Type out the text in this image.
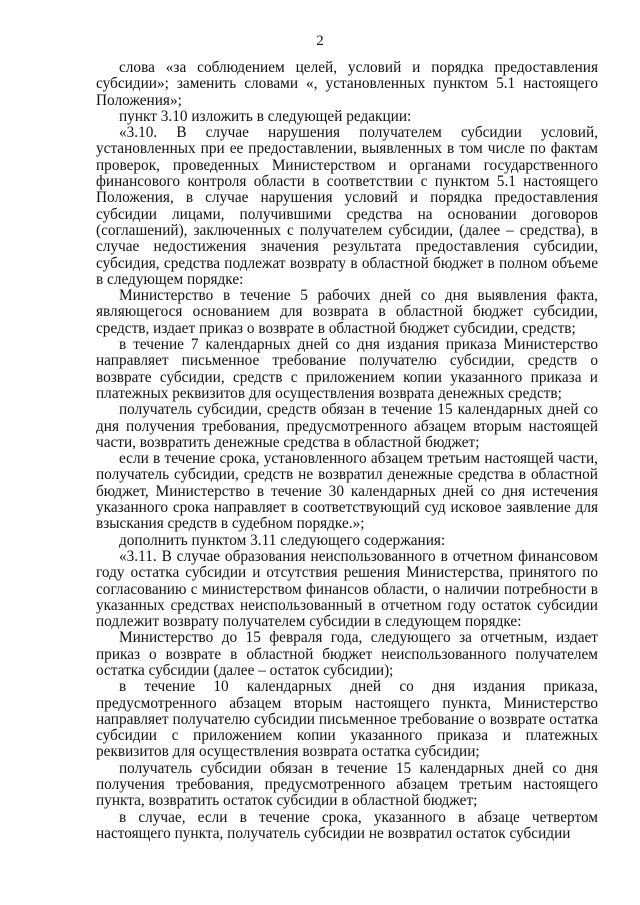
2

слова «за соблюдением целей, условий и порядка предоставления субсидии»; заменить словами «, установленных пунктом 5.1 настоящего Положения»;

пункт 3.10 изложить в следующей редакции:

«3.10. В случае нарушения получателем субсидии условий, установленных при ее предоставлении, выявленных в том числе по фактам проверок, проведенных Министерством и органами государственного финансового контроля области в соответствии с пунктом 5.1 настоящего Положения, в случае нарушения условий и порядка предоставления субсидии лицами, получившими средства на основании договоров (соглашений), заключенных с получателем субсидии, (далее – средства), в случае недостижения значения результата предоставления субсидии, субсидия, средства подлежат возврату в областной бюджет в полном объеме в следующем порядке:

Министерство в течение 5 рабочих дней со дня выявления факта, являющегося основанием для возврата в областной бюджет субсидии, средств, издает приказ о возврате в областной бюджет субсидии, средств;

в течение 7 календарных дней со дня издания приказа Министерство направляет письменное требование получателю субсидии, средств о возврате субсидии, средств с приложением копии указанного приказа и платежных реквизитов для осуществления возврата денежных средств;

получатель субсидии, средств обязан в течение 15 календарных дней со дня получения требования, предусмотренного абзацем вторым настоящей части, возвратить денежные средства в областной бюджет;

если в течение срока, установленного абзацем третьим настоящей части, получатель субсидии, средств не возвратил денежные средства в областной бюджет, Министерство в течение 30 календарных дней со дня истечения указанного срока направляет в соответствующий суд исковое заявление для взыскания средств в судебном порядке.»;

дополнить пунктом 3.11 следующего содержания:

«3.11. В случае образования неиспользованного в отчетном финансовом году остатка субсидии и отсутствия решения Министерства, принятого по согласованию с министерством финансов области, о наличии потребности в указанных средствах неиспользованный в отчетном году остаток субсидии подлежит возврату получателем субсидии в следующем порядке:

Министерство до 15 февраля года, следующего за отчетным, издает приказ о возврате в областной бюджет неиспользованного получателем остатка субсидии (далее – остаток субсидии);

в течение 10 календарных дней со дня издания приказа, предусмотренного абзацем вторым настоящего пункта, Министерство направляет получателю субсидии письменное требование о возврате остатка субсидии с приложением копии указанного приказа и платежных реквизитов для осуществления возврата остатка субсидии;

получатель субсидии обязан в течение 15 календарных дней со дня получения требования, предусмотренного абзацем третьим настоящего пункта, возвратить остаток субсидии в областной бюджет;

в случае, если в течение срока, указанного в абзаце четвертом настоящего пункта, получатель субсидии не возвратил остаток субсидии
